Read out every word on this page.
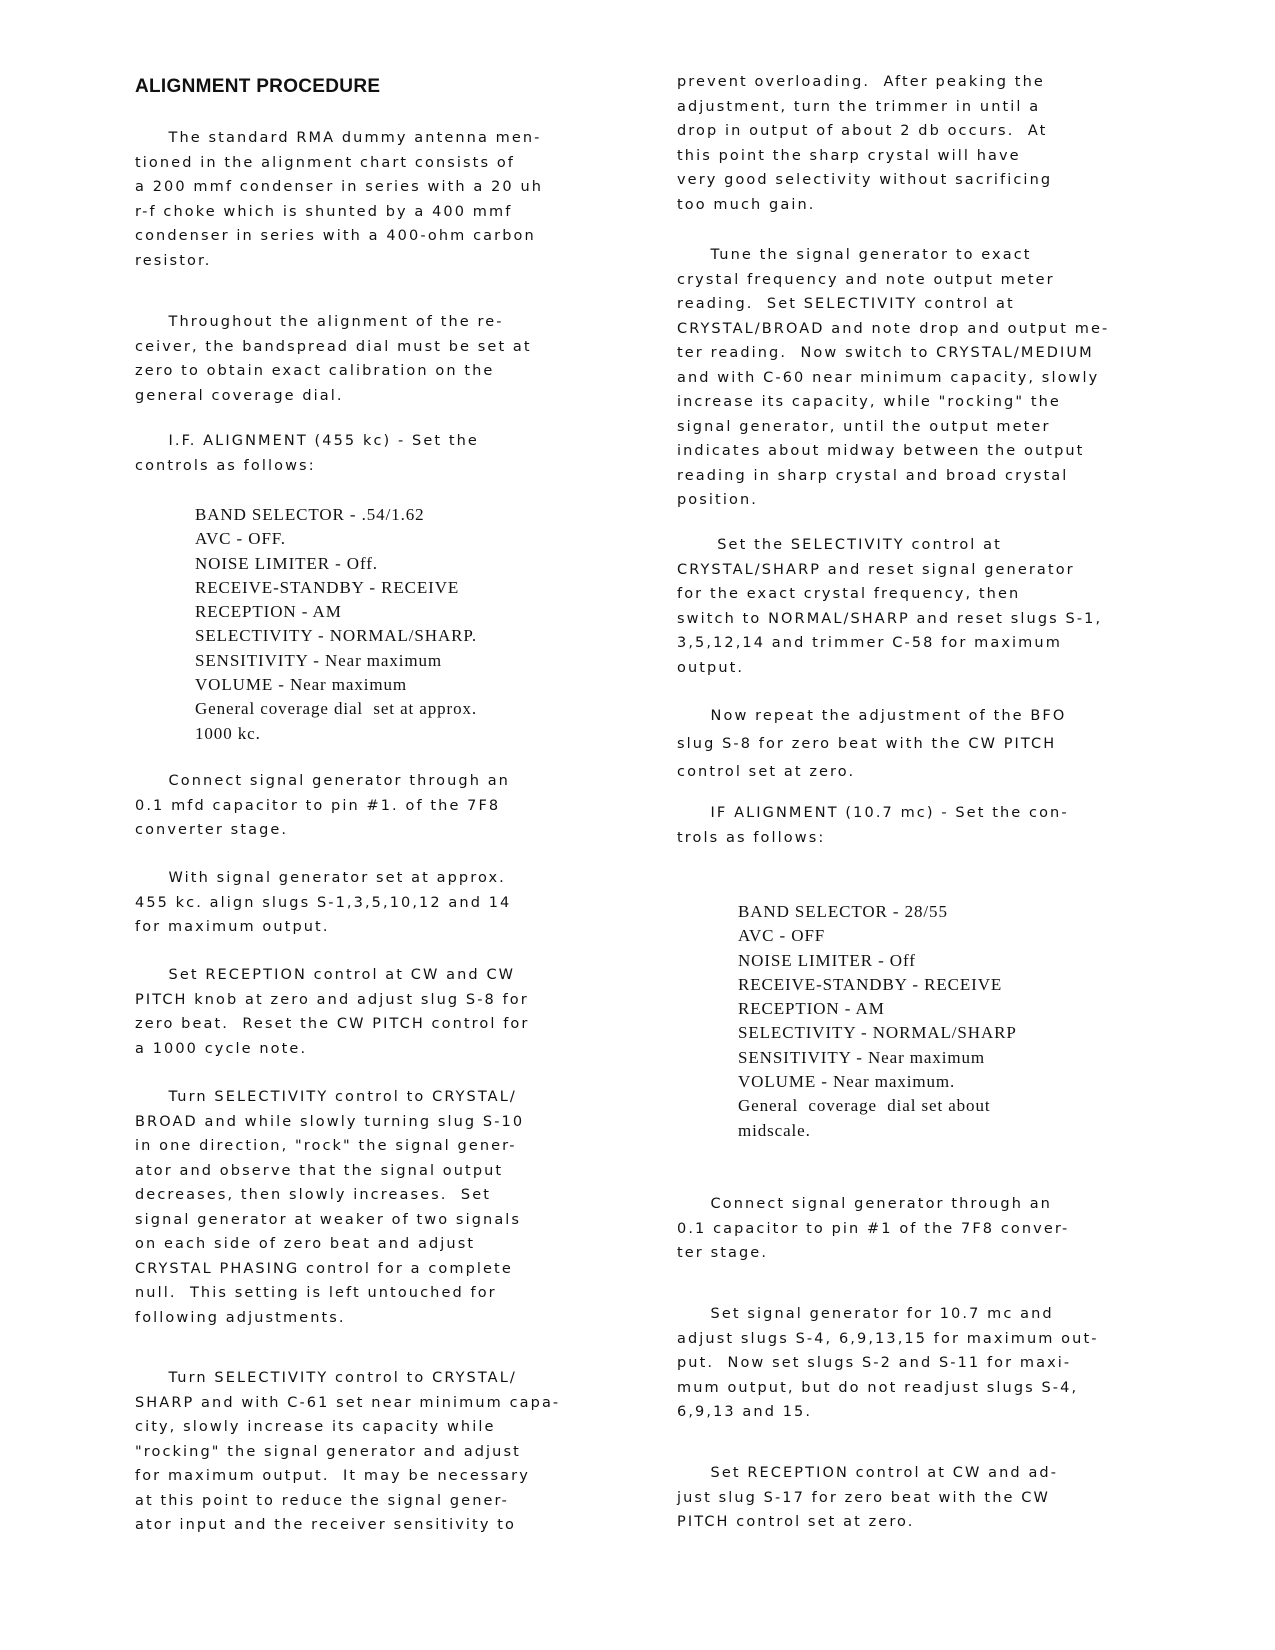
ALIGNMENT PROCEDURE
The standard RMA dummy antenna men-
tioned in the alignment chart consists of
a 200 mmf condenser in series with a 20 uh
r-f choke which is shunted by a 400 mmf
condenser in series with a 400-ohm carbon
resistor.
Throughout the alignment of the re-
ceiver, the bandspread dial must be set at
zero to obtain exact calibration on the
general coverage dial.
I.F. ALIGNMENT (455 kc) - Set the
controls as follows:
BAND SELECTOR - .54/1.62
AVC - OFF.
NOISE LIMITER - Off.
RECEIVE-STANDBY - RECEIVE
RECEPTION - AM
SELECTIVITY - NORMAL/SHARP.
SENSITIVITY - Near maximum
VOLUME - Near maximum
General coverage dial  set at approx.
1000 kc.
Connect signal generator through an
0.1 mfd capacitor to pin #1. of the 7F8
converter stage.
With signal generator set at approx.
455 kc. align slugs S-1,3,5,10,12 and 14
for maximum output.
Set RECEPTION control at CW and CW
PITCH knob at zero and adjust slug S-8 for
zero beat.  Reset the CW PITCH control for
a 1000 cycle note.
Turn SELECTIVITY control to CRYSTAL/
BROAD and while slowly turning slug S-10
in one direction, "rock" the signal gener-
ator and observe that the signal output
decreases, then slowly increases.  Set
signal generator at weaker of two signals
on each side of zero beat and adjust
CRYSTAL PHASING control for a complete
null.  This setting is left untouched for
following adjustments.
Turn SELECTIVITY control to CRYSTAL/
SHARP and with C-61 set near minimum capa-
city, slowly increase its capacity while
"rocking" the signal generator and adjust
for maximum output.  It may be necessary
at this point to reduce the signal gener-
ator input and the receiver sensitivity to
prevent overloading.  After peaking the
adjustment, turn the trimmer in until a
drop in output of about 2 db occurs.  At
this point the sharp crystal will have
very good selectivity without sacrificing
too much gain.
Tune the signal generator to exact
crystal frequency and note output meter
reading.  Set SELECTIVITY control at
CRYSTAL/BROAD and note drop and output me-
ter reading.  Now switch to CRYSTAL/MEDIUM
and with C-60 near minimum capacity, slowly
increase its capacity, while "rocking" the
signal generator, until the output meter
indicates about midway between the output
reading in sharp crystal and broad crystal
position.
Set the SELECTIVITY control at
CRYSTAL/SHARP and reset signal generator
for the exact crystal frequency, then
switch to NORMAL/SHARP and reset slugs S-1,
3,5,12,14 and trimmer C-58 for maximum
output.
Now repeat the adjustment of the BFO
slug S-8 for zero beat with the CW PITCH
control set at zero.
IF ALIGNMENT (10.7 mc) - Set the con-
trols as follows:
BAND SELECTOR - 28/55
AVC - OFF
NOISE LIMITER - Off
RECEIVE-STANDBY - RECEIVE
RECEPTION - AM
SELECTIVITY - NORMAL/SHARP
SENSITIVITY - Near maximum
VOLUME - Near maximum.
General  coverage  dial set about
midscale.
Connect signal generator through an
0.1 capacitor to pin #1 of the 7F8 conver-
ter stage.
Set signal generator for 10.7 mc and
adjust slugs S-4, 6,9,13,15 for maximum out-
put.  Now set slugs S-2 and S-11 for maxi-
mum output, but do not readjust slugs S-4,
6,9,13 and 15.
Set RECEPTION control at CW and ad-
just slug S-17 for zero beat with the CW
PITCH control set at zero.
